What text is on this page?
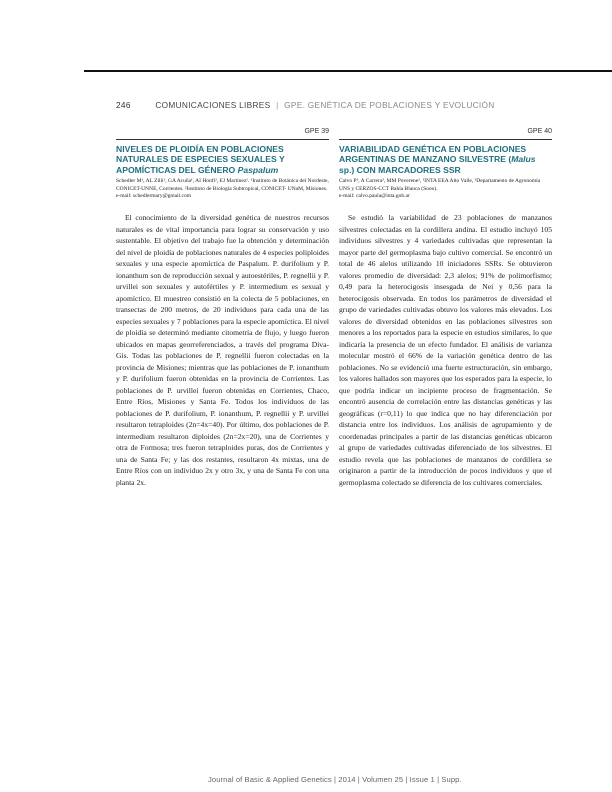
246	COMUNICACIONES LIBRES | GPE. GENÉTICA DE POBLACIONES Y EVOLUCIÓN
GPE 39
NIVELES DE PLOIDÍA EN POBLACIONES NATURALES DE ESPECIES SEXUALES Y APOMÍCTICAS DEL GÉNERO Paspalum
Schedler M¹, AL Zilli¹, GA Acuña¹, AI Honfi², EJ Martínez¹. ¹Instituto de Botánica del Nordeste, CONICET-UNNE, Corrientes. ²Instituto de Biología Subtropical, CONICET- UNaM, Misiones.
e-mail: schedlermary@gmail.com

El conocimiento de la diversidad genética de nuestros recursos naturales es de vital importancia para lograr su conservación y uso sustentable. El objetivo del trabajo fue la obtención y determinación del nivel de ploidía de poblaciones naturales de 4 especies poliploides sexuales y una especie apomíctica de Paspalum. P. durifolium y P. ionanthum son de reproducción sexual y autoestériles, P. regnellii y P. urvillei son sexuales y autofértiles y P. intermedium es sexual y apomíctico. El muestreo consistió en la colecta de 5 poblaciones, en transectas de 200 metros, de 20 individuos para cada una de las especies sexuales y 7 poblaciones para la especie apomíctica. El nivel de ploidía se determinó mediante citometría de flujo, y luego fueron ubicados en mapas georreferenciados, a través del programa Diva-Gis. Todas las poblaciones de P. regnellii fueron colectadas en la provincia de Misiones; mientras que las poblaciones de P. ionanthum y P. durifolium fueron obtenidas en la provincia de Corrientes. Las poblaciones de P. urvillei fueron obtenidas en Corrientes, Chaco, Entre Ríos, Misiones y Santa Fe. Todos los individuos de las poblaciones de P. durifolium, P. ionanthum, P. regnellii y P. urvillei resultaron tetraploides (2n=4x=40). Por último, dos poblaciones de P. intermedium resultaron diploides (2n=2x=20), una de Corrientes y otra de Formosa; tres fueron tetraploides puras, dos de Corrientes y una de Santa Fe; y las dos restantes, resultaron 4x mixtas, una de Entre Ríos con un individuo 2x y otro 3x, y una de Santa Fe con una planta 2x.

GPE 40
VARIABILIDAD GENÉTICA EN POBLACIONES ARGENTINAS DE MANZANO SILVESTRE (Malus sp.) CON MARCADORES SSR
Calvo P¹, A Carrera², MM Poverene², ¹INTA EEA Alto Valle, ²Departamento de Agronomía UNS y CERZOS-CCT Bahía Blanca (Sooo).
e-mail: calvo.paula@inta.gob.ar

Se estudió la variabilidad de 23 poblaciones de manzanos silvestres colectadas en la cordillera andina. El estudio incluyó 105 individuos silvestres y 4 variedades cultivadas que representan la mayor parte del germoplasma bajo cultivo comercial. Se encontró un total de 46 alelos utilizando 10 iniciadores SSRs. Se obtuvieron valores promedio de diversidad: 2,3 alelos; 91% de polimorfismo; 0,49 para la heterocigosis insesgada de Nei y 0,56 para la heterocigosis observada. En todos los parámetros de diversidad el grupo de variedades cultivadas obtuvo los valores más elevados. Los valores de diversidad obtenidos en las poblaciones silvestres son menores a los reportados para la especie en estudios similares, lo que indicaría la presencia de un efecto fundador. El análisis de varianza molecular mostró el 66% de la variación genética dentro de las poblaciones. No se evidenció una fuerte estructuración, sin embargo, los valores hallados son mayores que los esperados para la especie, lo que podría indicar un incipiente proceso de fragmentación. Se encontró ausencia de correlación entre las distancias genéticas y las geográficas (r=0,11) lo que indica que no hay diferenciación por distancia entre los individuos. Los análisis de agrupamiento y de coordenadas principales a partir de las distancias genéticas ubicaron al grupo de variedades cultivadas diferenciado de los silvestres. El estudio revela que las poblaciones de manzanos de cordillera se originaron a partir de la introducción de pocos individuos y que el germoplasma colectado se diferencia de los cultivares comerciales.

Journal of Basic & Applied Genetics | 2014 | Volumen 25 | Issue 1 | Supp.
